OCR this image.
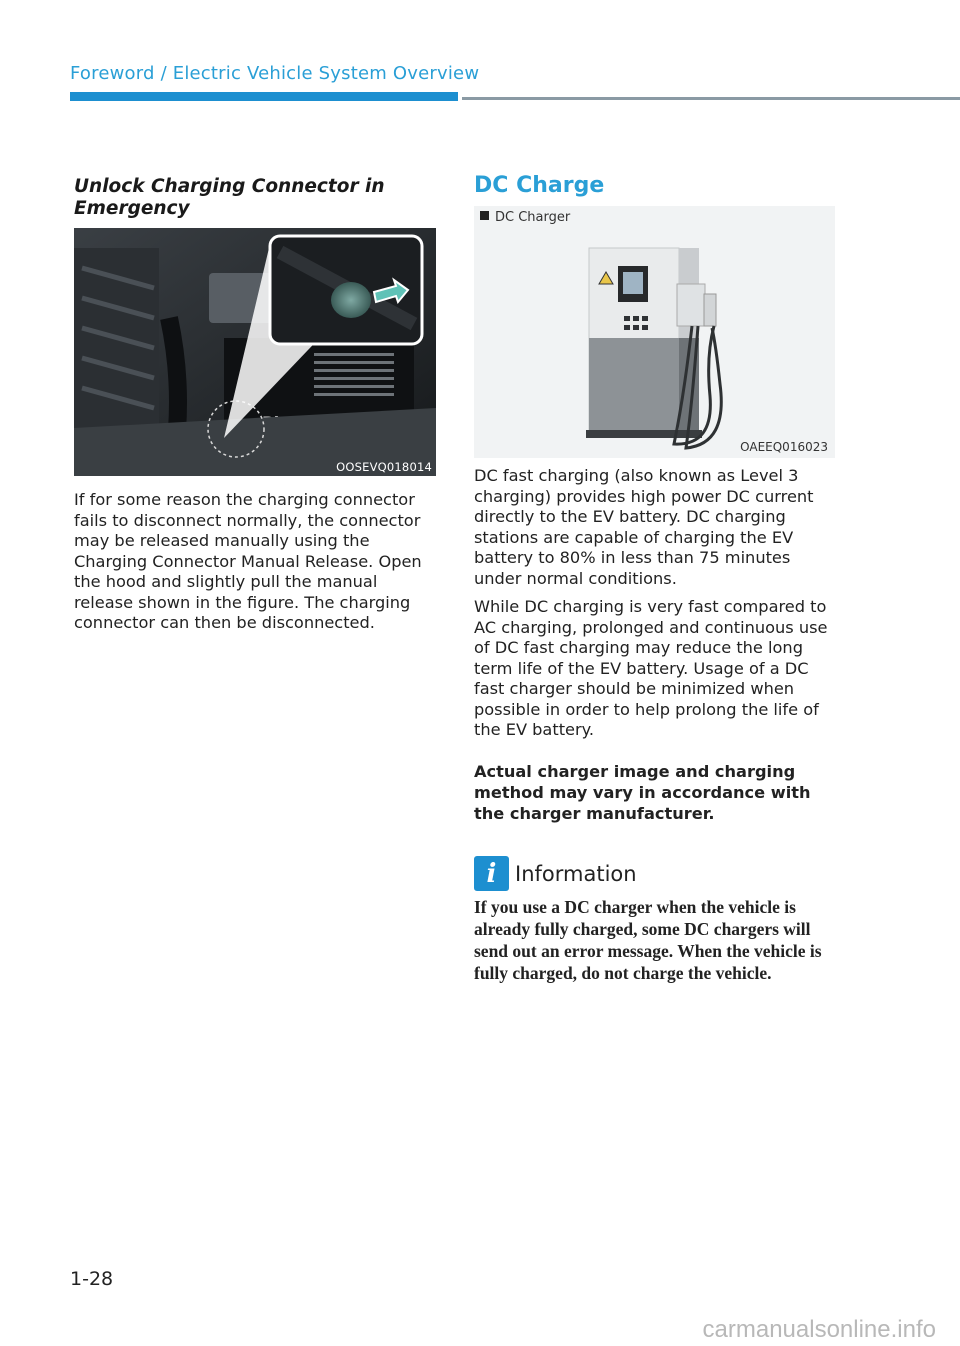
Foreword / Electric Vehicle System Overview
Unlock Charging Connector in Emergency
OOSEVQ018014

If for some reason the charging connector fails to disconnect normally, the connector may be released manually using the Charging Connector Manual Release. Open the hood and slightly pull the manual release shown in the figure. The charging connector can then be disconnected.

DC Charge
DC Charger
OAEEQ016023

DC fast charging (also known as Level 3 charging) provides high power DC current directly to the EV battery. DC charging stations are capable of charging the EV battery to 80% in less than 75 minutes under normal conditions.

While DC charging is very fast compared to AC charging, prolonged and continuous use of DC fast charging may reduce the long term life of the EV battery. Usage of a DC fast charger should be minimized when possible in order to help prolong the life of the EV battery.

Actual charger image and charging method may vary in accordance with the charger manufacturer.

i Information
If you use a DC charger when the vehicle is already fully charged, some DC chargers will send out an error message. When the vehicle is fully charged, do not charge the vehicle.
1-28
carmanualsonline.info
